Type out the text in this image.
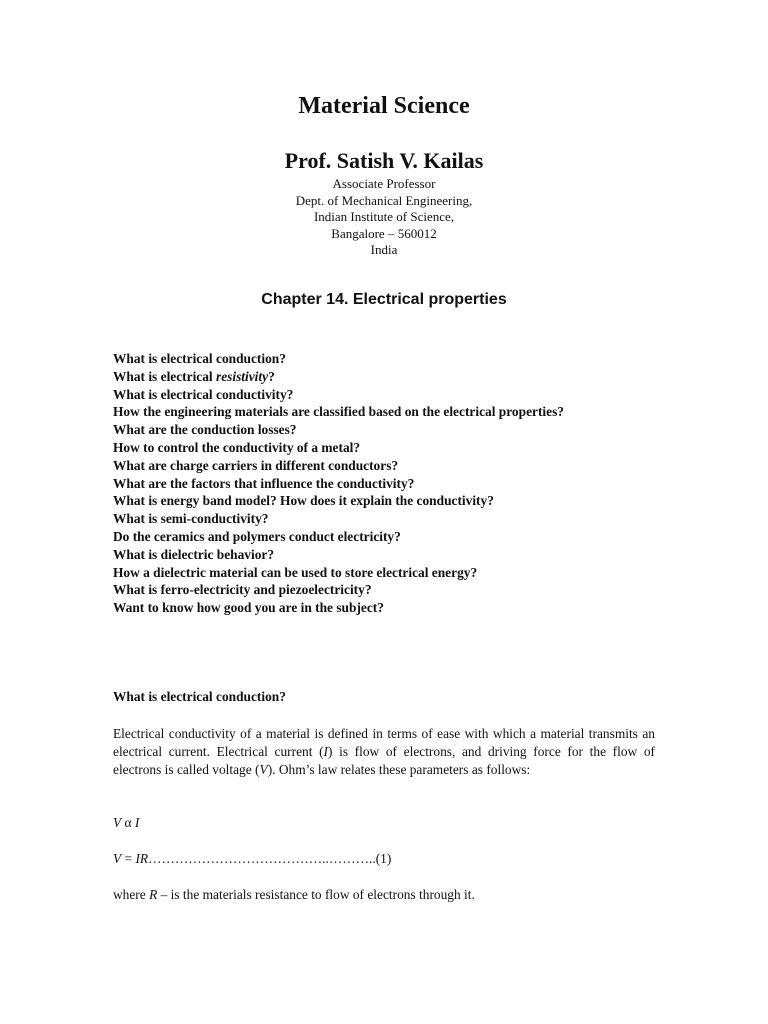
Material Science
Prof. Satish V. Kailas
Associate Professor
Dept. of Mechanical Engineering,
Indian Institute of Science,
Bangalore – 560012
India
Chapter 14. Electrical properties
What is electrical conduction?
What is electrical resistivity?
What is electrical conductivity?
How the engineering materials are classified based on the electrical properties?
What are the conduction losses?
How to control the conductivity of a metal?
What are charge carriers in different conductors?
What are the factors that influence the conductivity?
What is energy band model? How does it explain the conductivity?
What is semi-conductivity?
Do the ceramics and polymers conduct electricity?
What is dielectric behavior?
How a dielectric material can be used to store electrical energy?
What is ferro-electricity and piezoelectricity?
Want to know how good you are in the subject?
What is electrical conduction?

Electrical conductivity of a material is defined in terms of ease with which a material transmits an electrical current. Electrical current (I) is flow of electrons, and driving force for the flow of electrons is called voltage (V). Ohm’s law relates these parameters as follows:

V α I

V = IR…………………………………..………..(1)

where R – is the materials resistance to flow of electrons through it.
